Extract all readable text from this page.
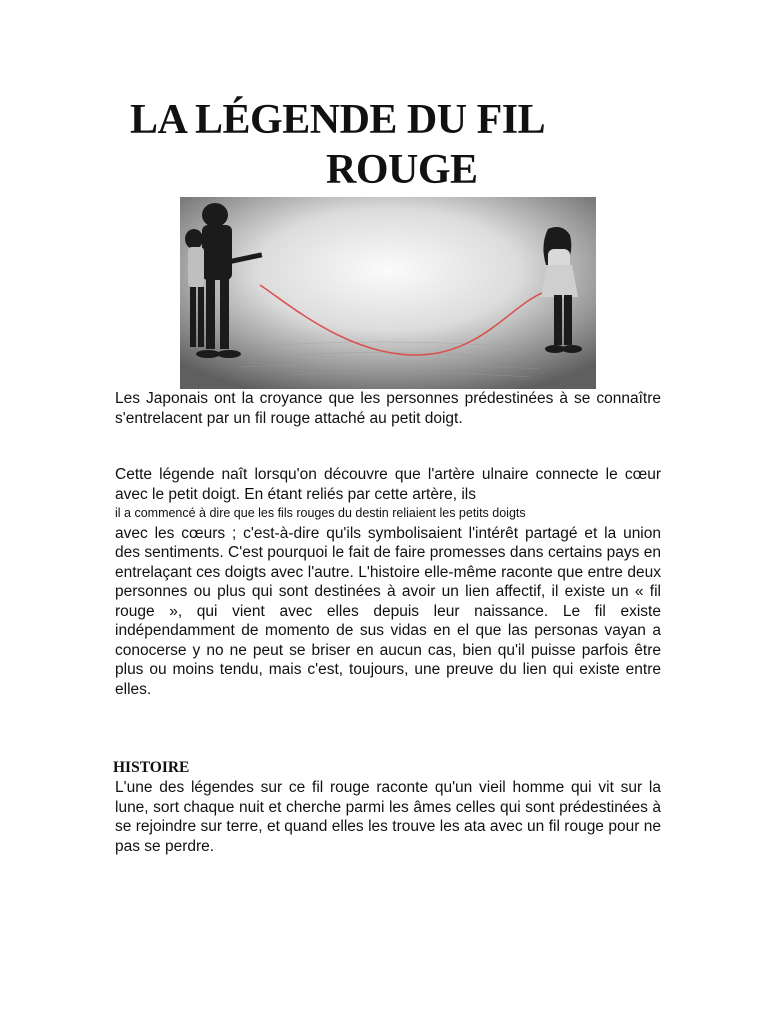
LA LÉGENDE DU FIL
ROUGE

Les Japonais ont la croyance que les personnes prédestinées à se connaître s'entrelacent par un fil rouge attaché au petit doigt.

Cette légende naît lorsqu'on découvre que l'artère ulnaire connecte le cœur avec le petit doigt. En étant reliés par cette artère, ils

il a commencé à dire que les fils rouges du destin reliaient les petits doigts

avec les cœurs ; c'est-à-dire qu'ils symbolisaient l'intérêt partagé et la union des sentiments. C'est pourquoi le fait de faire promesses dans certains pays en entrelaçant ces doigts avec l'autre. L'histoire elle-même raconte que entre deux personnes ou plus qui sont destinées à avoir un lien affectif, il existe un « fil rouge », qui vient avec elles depuis leur naissance. Le fil existe indépendamment de momento de sus vidas en el que las personas vayan a conocerse y no ne peut se briser en aucun cas, bien qu'il puisse parfois être plus ou moins tendu, mais c'est, toujours, une preuve du lien qui existe entre elles.

HISTOIRE

L'une des légendes sur ce fil rouge raconte qu'un vieil homme qui vit sur la lune, sort chaque nuit et cherche parmi les âmes celles qui sont prédestinées à se rejoindre sur terre, et quand elles les trouve les ata avec un fil rouge pour ne pas se perdre.
